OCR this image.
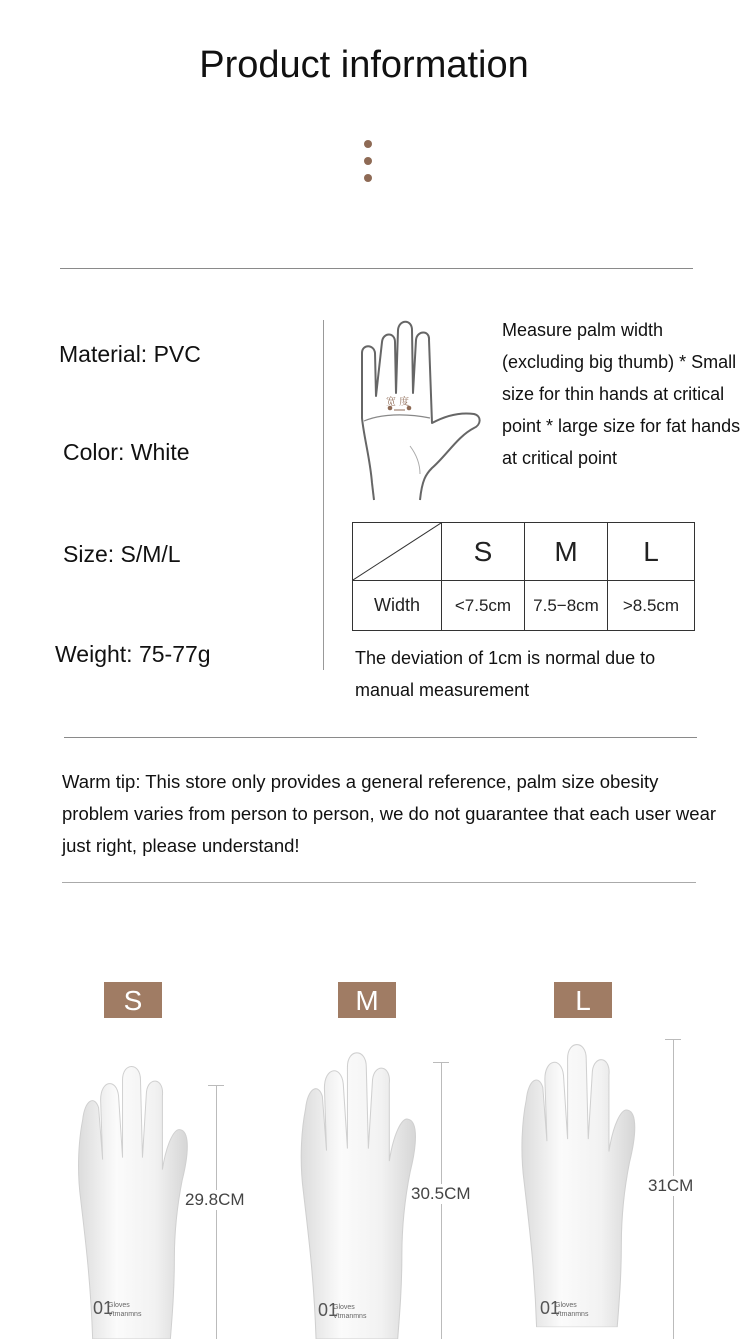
Product information
Material: PVC
Color: White
Size: S/M/L
Weight: 75-77g
宽 度
Measure palm width (excluding big thumb) * Small size for thin hands at critical point * large size for fat hands at critical point
	S	M	L
Width	<7.5cm	7.5−8cm	>8.5cm
The deviation of 1cm is normal due to manual measurement
Warm tip: This store only provides a general reference, palm size obesity problem varies from person to person, we do not guarantee that each user wear just right, please understand!
S
01
Gloves
Vtmanmns
29.8CM
M
01
Gloves
Vtmanmns
30.5CM
L
01
Gloves
Vtmanmns
31CM
